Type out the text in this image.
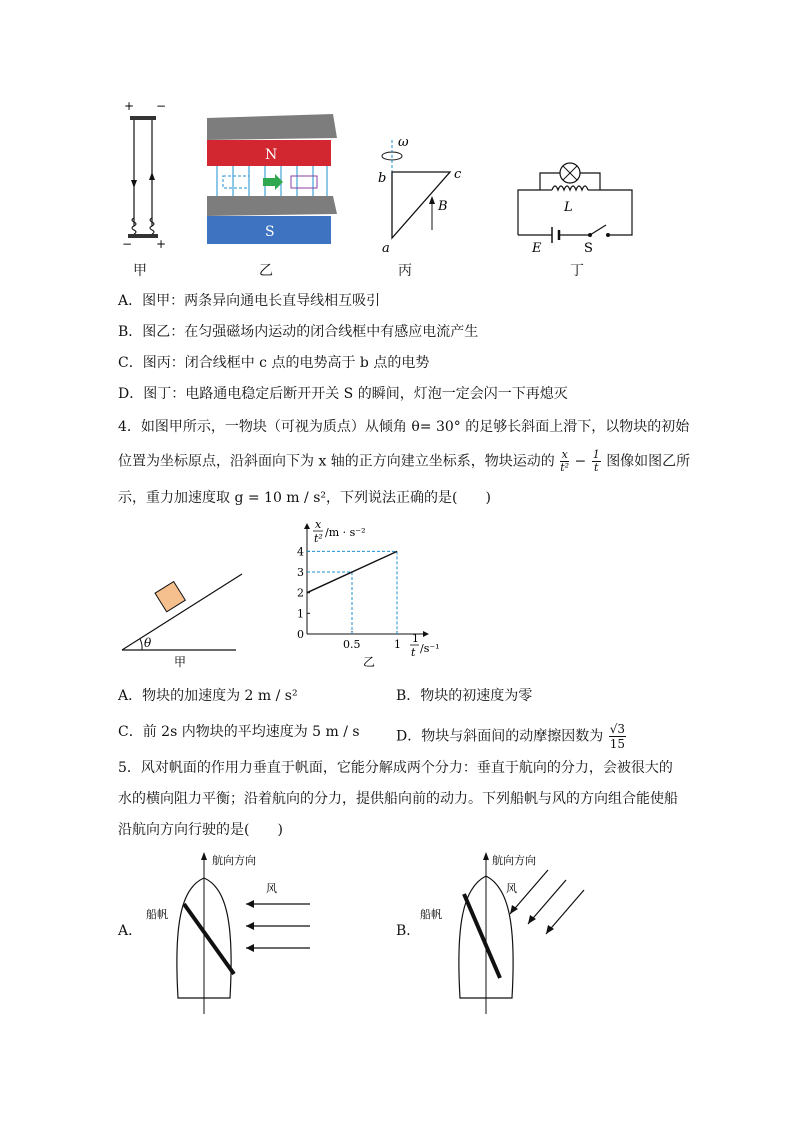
+ −
− +
甲
N
S
乙
ω
b	c
a
B
丙
L
E	S
丁
A．图甲：两条异向通电长直导线相互吸引
B．图乙：在匀强磁场内运动的闭合线框中有感应电流产生
C．图丙：闭合线框中 c 点的电势高于 b 点的电势
D．图丁：电路通电稳定后断开开关 S 的瞬间，灯泡一定会闪一下再熄灭
4．如图甲所示，一物块（可视为质点）从倾角 θ= 30° 的足够长斜面上滑下，以物块的初始
位置为坐标原点，沿斜面向下为 x 轴的正方向建立坐标系，物块运动的 $\frac{x}{\text{t²}} - \frac{1}{t}$ 图像如图乙所
示，重力加速度取 g = 10 m / s²，下列说法正确的是(　　)
θ
甲
x
t² /m · s⁻²
4
3
2
1
0
0.5	1 1
t /s⁻¹
乙
A．物块的加速度为 2 m / s²	B．物块的初速度为零
C．前 2s 内物块的平均速度为 5 m / s	D．物块与斜面间的动摩擦因数为 $\frac{√3}{15}$
5．风对帆面的作用力垂直于帆面，它能分解成两个分力：垂直于航向的分力，会被很大的
水的横向阻力平衡；沿着航向的分力，提供船向前的动力。下列船帆与风的方向组合能使船
沿航向方向行驶的是(　　)
A．
航向方向
船帆
风
B．
航向方向
船帆
风
